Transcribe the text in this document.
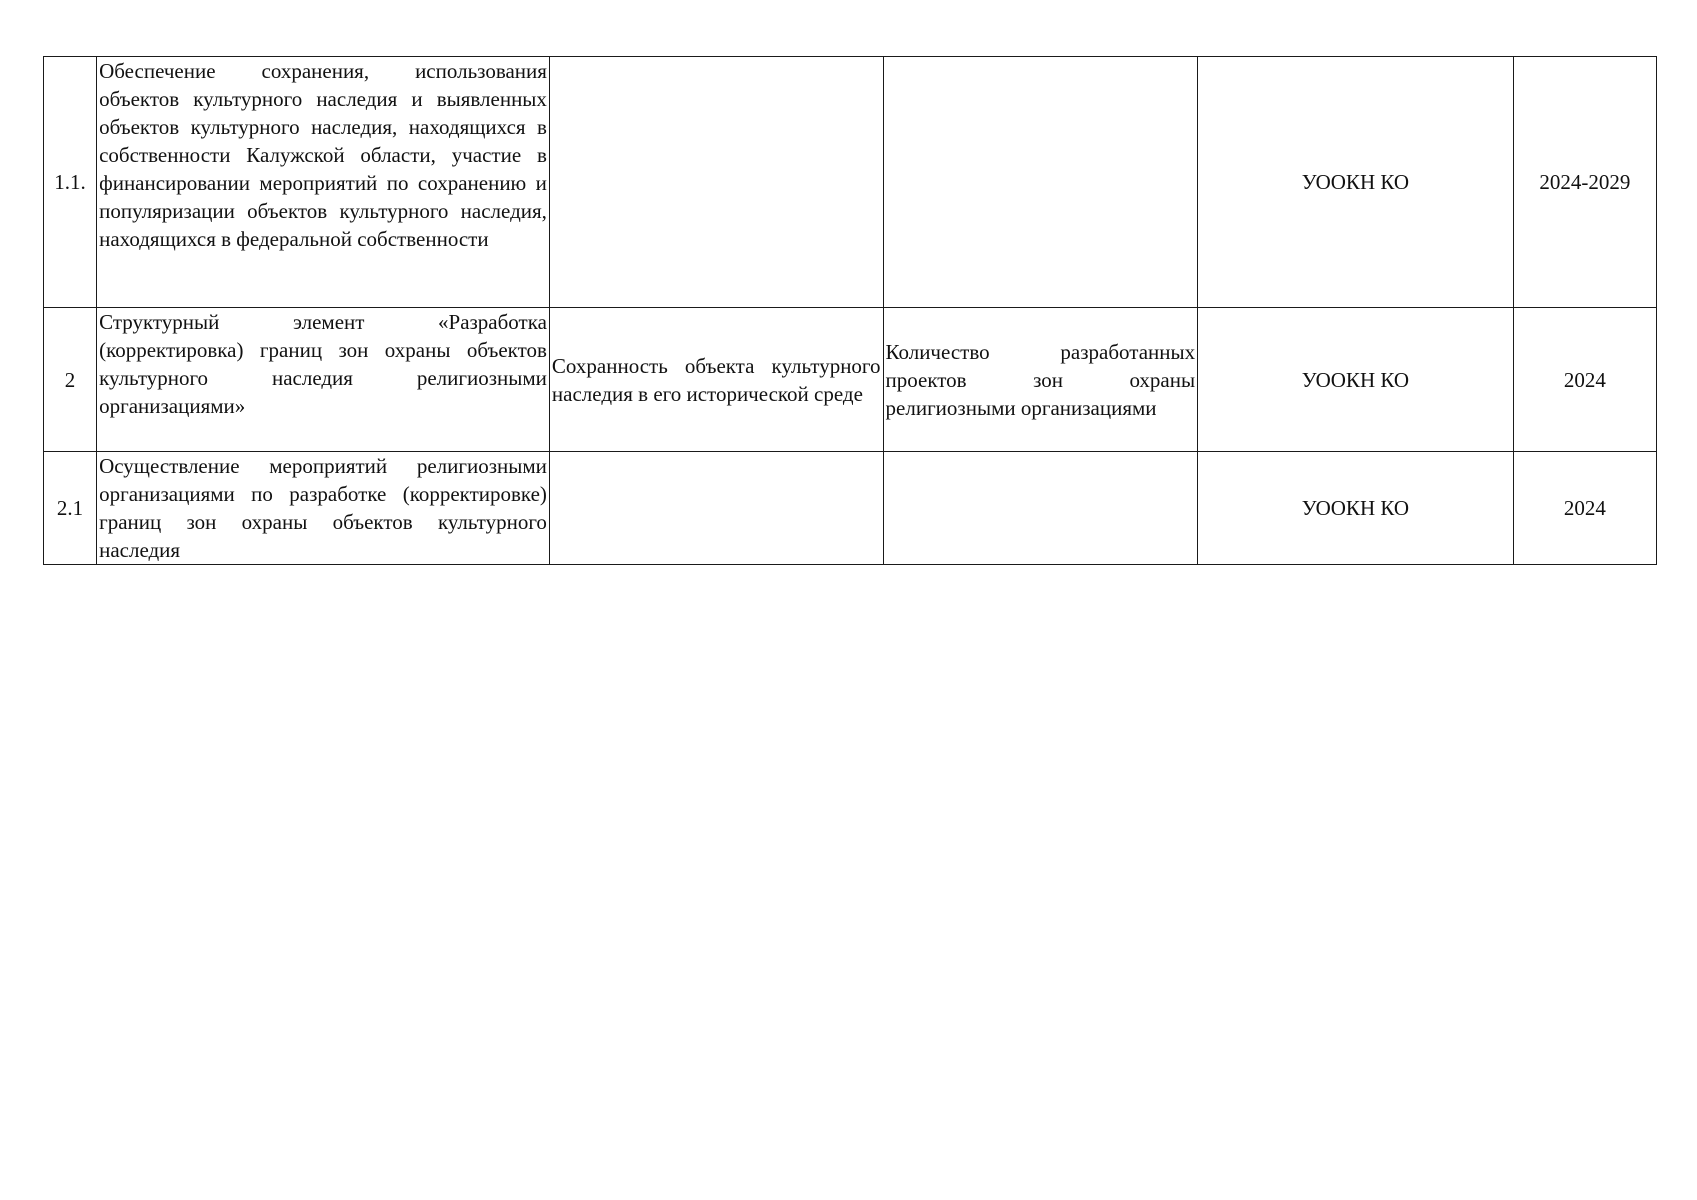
1.1.	Обеспечение сохранения, использования объектов культурного наследия и выявленных объектов культурного наследия, находящихся в собственности Калужской области, участие в финансировании мероприятий по сохранению и популяризации объектов культурного наследия, находящихся в федеральной собственности			УООКН КО	2024-2029
2	Структурный элемент «Разработка (корректировка) границ зон охраны объектов культурного наследия религиозными организациями»	Сохранность объекта культурного наследия в его исторической среде	Количество разработанных проектов зон охраны религиозными организациями	УООКН КО	2024
2.1	Осуществление мероприятий религиозными организациями по разработке (корректировке) границ зон охраны объектов культурного наследия			УООКН КО	2024
